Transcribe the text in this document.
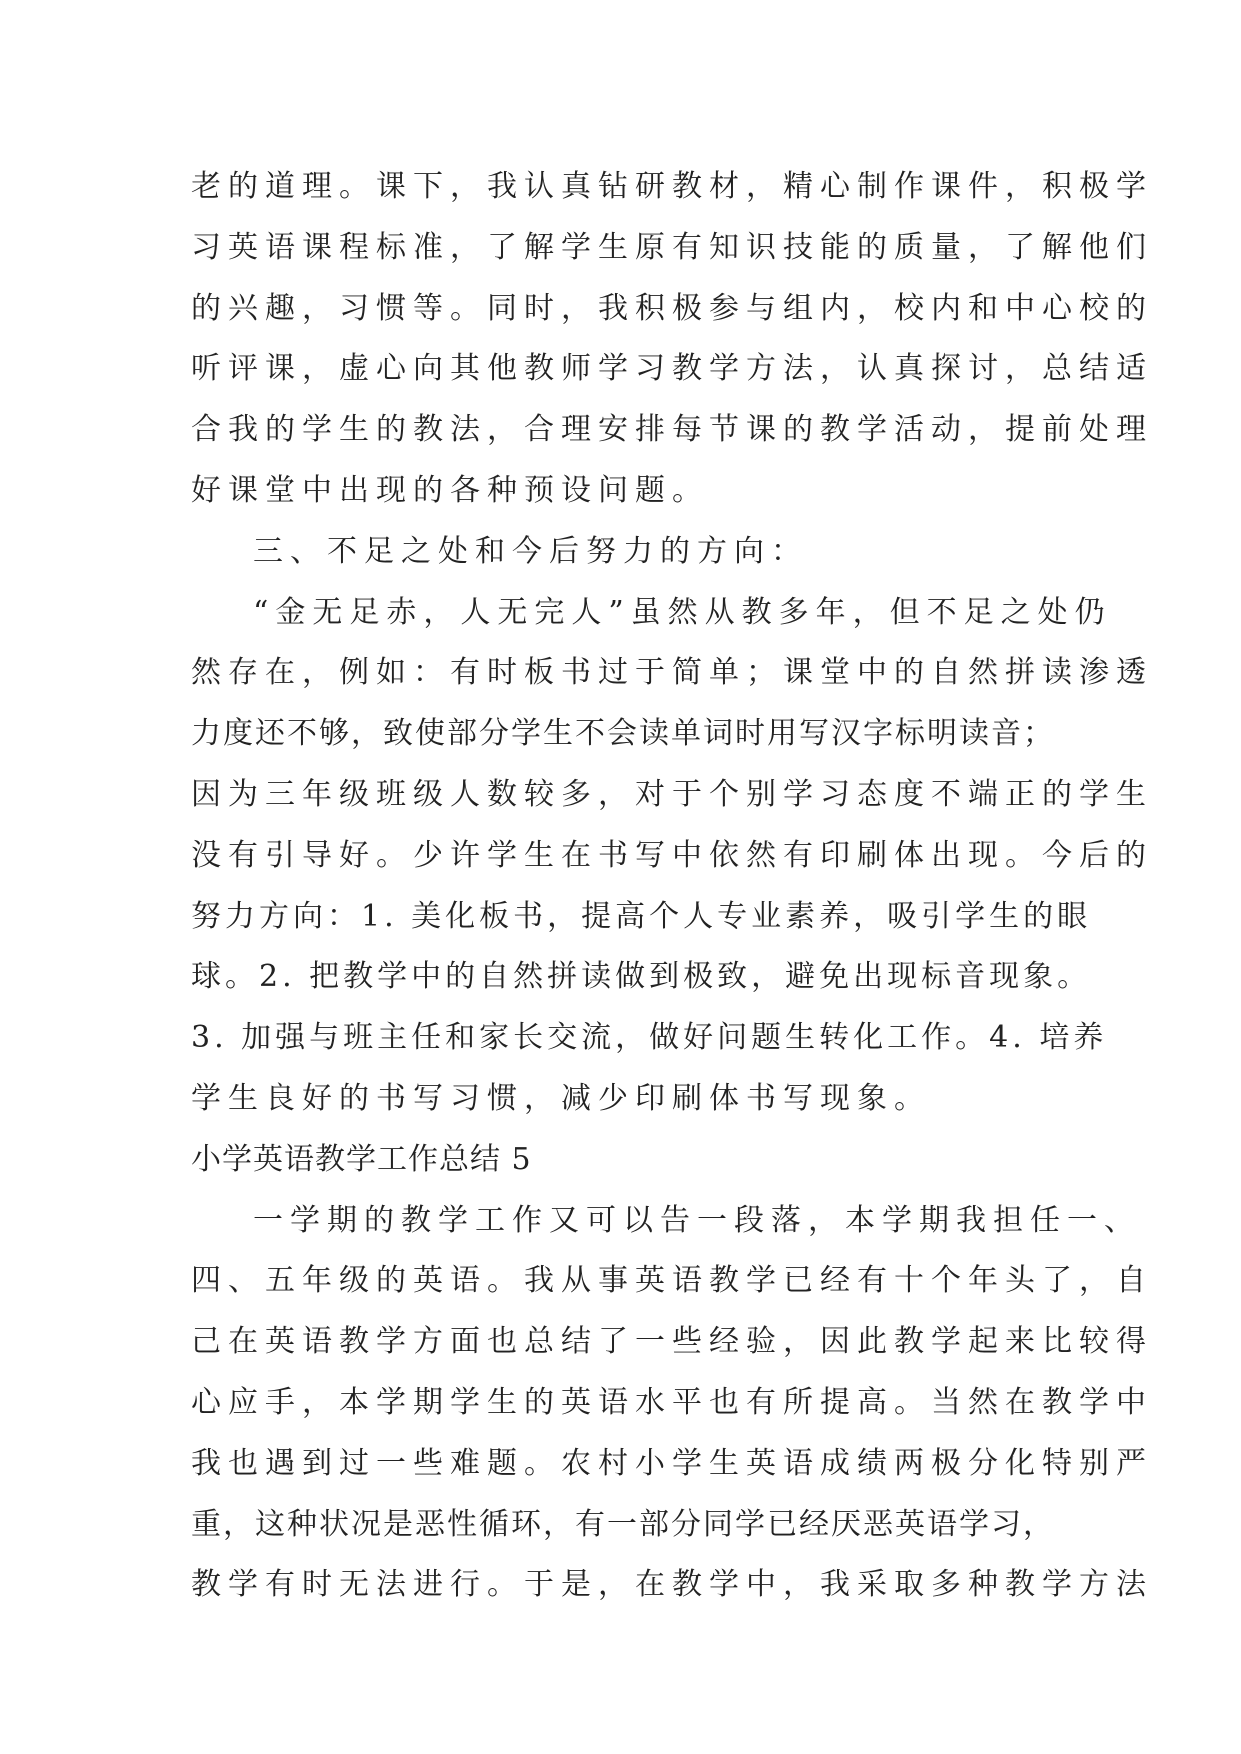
老的道理。课下，我认真钻研教材，精心制作课件，积极学
习英语课程标准，了解学生原有知识技能的质量，了解他们
的兴趣，习惯等。同时，我积极参与组内，校内和中心校的
听评课，虚心向其他教师学习教学方法，认真探讨，总结适
合我的学生的教法，合理安排每节课的教学活动，提前处理
好课堂中出现的各种预设问题。
三、不足之处和今后努力的方向：
“金无足赤，人无完人”虽然从教多年，但不足之处仍
然存在，例如：有时板书过于简单；课堂中的自然拼读渗透
力度还不够，致使部分学生不会读单词时用写汉字标明读音；
因为三年级班级人数较多，对于个别学习态度不端正的学生
没有引导好。少许学生在书写中依然有印刷体出现。今后的
努力方向：1. 美化板书，提高个人专业素养，吸引学生的眼
球。2. 把教学中的自然拼读做到极致，避免出现标音现象。
3. 加强与班主任和家长交流，做好问题生转化工作。4. 培养
学生良好的书写习惯，减少印刷体书写现象。
小学英语教学工作总结 5
一学期的教学工作又可以告一段落，本学期我担任一、
四、五年级的英语。我从事英语教学已经有十个年头了，自
己在英语教学方面也总结了一些经验，因此教学起来比较得
心应手，本学期学生的英语水平也有所提高。当然在教学中
我也遇到过一些难题。农村小学生英语成绩两极分化特别严
重，这种状况是恶性循环，有一部分同学已经厌恶英语学习，
教学有时无法进行。于是，在教学中，我采取多种教学方法
